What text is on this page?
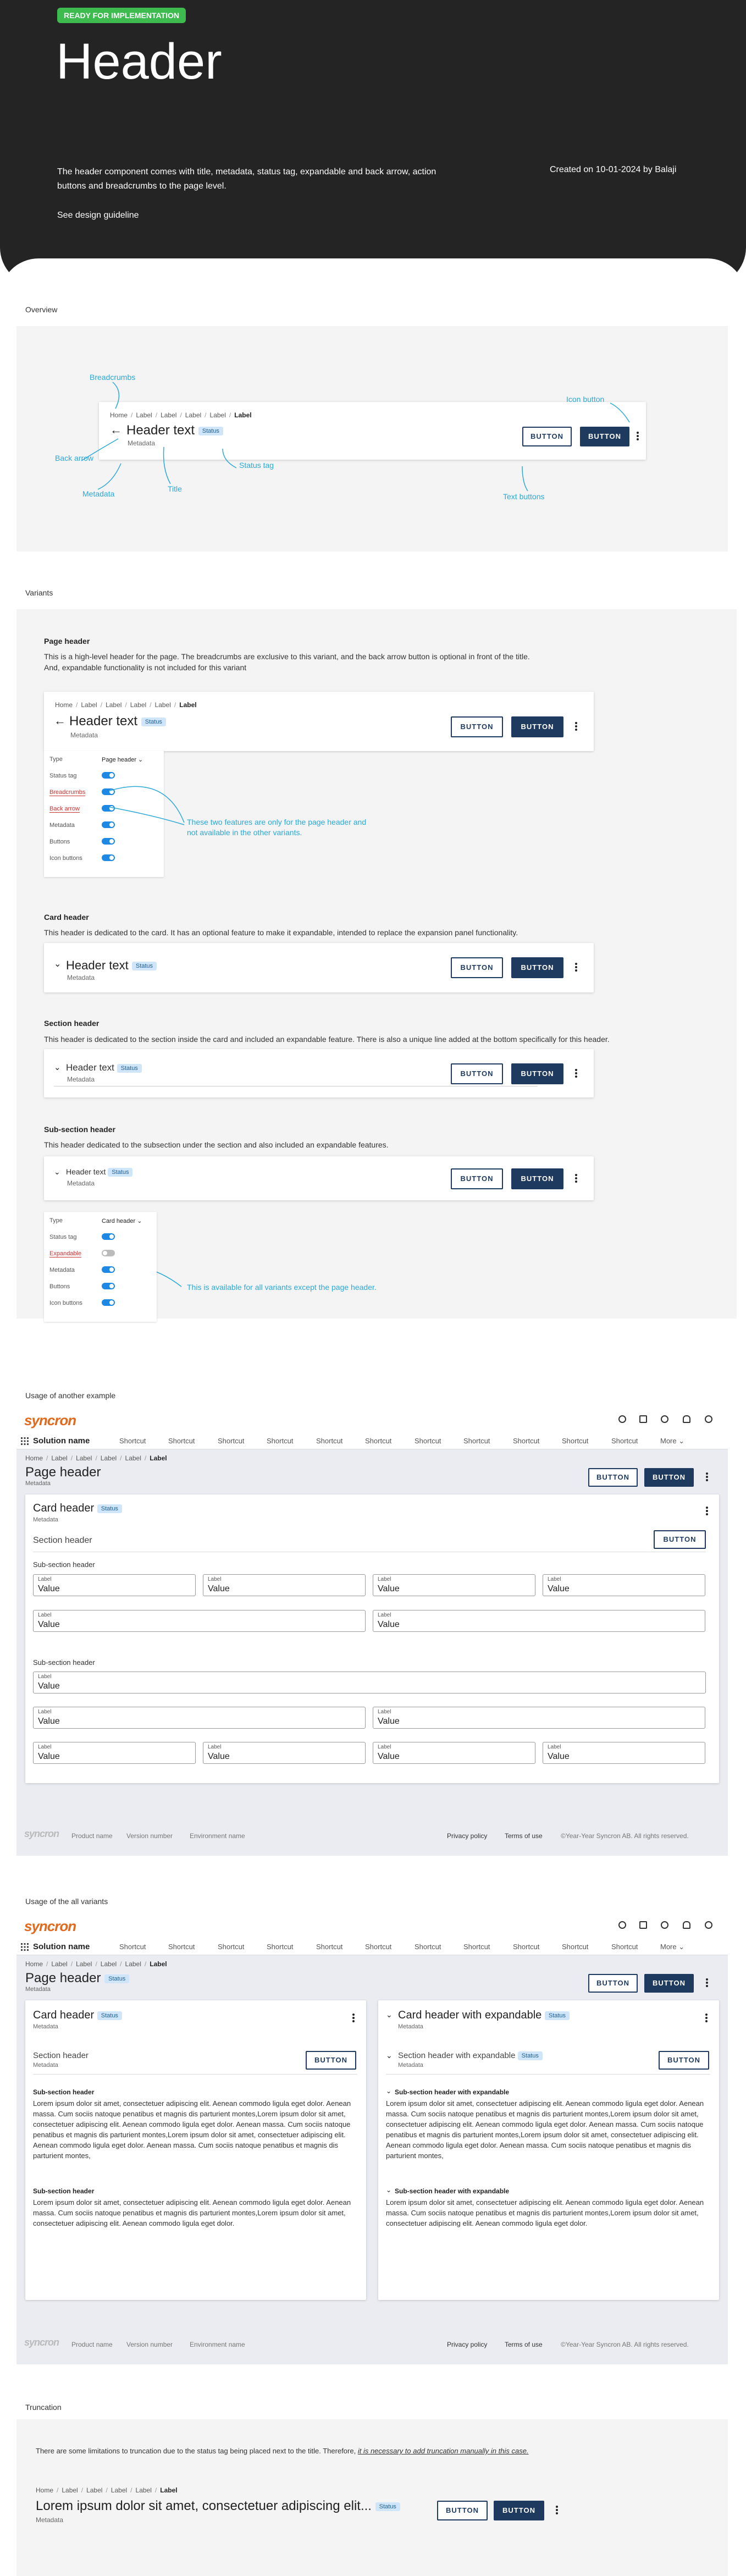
READY FOR IMPLEMENTATION
Header
The header component comes with title, metadata, status tag, expandable and back arrow, action buttons and breadcrumbs to the page level.
Created on 10-01-2024 by Balaji
See design guideline
Overview
Home / Label / Label / Label / Label / Label
← Header text Status
Metadata
BUTTON	BUTTON
Breadcrumbs
Icon button
Back arrow
Status tag
Metadata
Title
Text buttons
Variants
Page header
This is a high-level header for the page. The breadcrumbs are exclusive to this variant, and the back arrow button is optional in front of the title. And, expandable functionality is not included for this variant
Home / Label / Label / Label / Label / Label
← Header text Status
Metadata
BUTTON	BUTTON
Type	Page header ⌄
Status tag
Breadcrumbs
Back arrow
Metadata
Buttons
Icon buttons
These two features are only for the page header and not available in the other variants.
Card header
This header is dedicated to the card. It has an optional feature to make it expandable, intended to replace the expansion panel functionality.
⌄ Header text Status
Metadata
BUTTON	BUTTON
Section header
This header is dedicated to the section inside the card and included an expandable feature. There is also a unique line added at the bottom specifically for this header.
⌄ Header text Status
Metadata
BUTTON	BUTTON
Sub-section header
This header dedicated to the subsection under the section and also included an expandable features.
⌄ Header text Status
Metadata
BUTTON	BUTTON
Type	Card header ⌄
Status tag
Expandable
Metadata
Buttons
Icon buttons
This is available for all variants except the page header.
Usage of another example
syncron
Solution name	Shortcut	Shortcut	Shortcut	Shortcut	Shortcut	Shortcut	Shortcut	Shortcut	Shortcut	Shortcut	Shortcut	More ⌄
Home / Label / Label / Label / Label / Label
Page header
Metadata
BUTTON	BUTTON
Card header Status
Metadata
Section header	BUTTON
Sub-section header
Label
Value
Label
Value
Label
Value
Label
Value
Label
Value
Label
Value
Sub-section header
Label
Value
Label
Value
Label
Value
Label
Value
Label
Value
Label
Value
Label
Value
syncron Product name Version number	Environment name	Privacy policy	Terms of use	©Year-Year Syncron AB. All rights reserved.
Usage of the all variants
syncron
Solution name	Shortcut	Shortcut	Shortcut	Shortcut	Shortcut	Shortcut	Shortcut	Shortcut	Shortcut	Shortcut	Shortcut	More ⌄
Home / Label / Label / Label / Label / Label
Page header Status
Metadata
BUTTON	BUTTON
Card header Status
Metadata
Section header
Metadata
BUTTON
Sub-section header
Lorem ipsum dolor sit amet, consectetuer adipiscing elit. Aenean commodo ligula eget dolor. Aenean massa. Cum sociis natoque penatibus et magnis dis parturient montes,Lorem ipsum dolor sit amet, consectetuer adipiscing elit. Aenean commodo ligula eget dolor. Aenean massa. Cum sociis natoque penatibus et magnis dis parturient montes,Lorem ipsum dolor sit amet, consectetuer adipiscing elit. Aenean commodo ligula eget dolor. Aenean massa. Cum sociis natoque penatibus et magnis dis parturient montes,
Sub-section header
Lorem ipsum dolor sit amet, consectetuer adipiscing elit. Aenean commodo ligula eget dolor. Aenean massa. Cum sociis natoque penatibus et magnis dis parturient montes,Lorem ipsum dolor sit amet, consectetuer adipiscing elit. Aenean commodo ligula eget dolor.
⌄ Card header with expandable Status
Metadata
⌄ Section header with expandable Status
Metadata
BUTTON
⌄ Sub-section header with expandable
Lorem ipsum dolor sit amet, consectetuer adipiscing elit. Aenean commodo ligula eget dolor. Aenean massa. Cum sociis natoque penatibus et magnis dis parturient montes,Lorem ipsum dolor sit amet, consectetuer adipiscing elit. Aenean commodo ligula eget dolor. Aenean massa. Cum sociis natoque penatibus et magnis dis parturient montes,Lorem ipsum dolor sit amet, consectetuer adipiscing elit. Aenean commodo ligula eget dolor. Aenean massa. Cum sociis natoque penatibus et magnis dis parturient montes,
⌄ Sub-section header with expandable
Lorem ipsum dolor sit amet, consectetuer adipiscing elit. Aenean commodo ligula eget dolor. Aenean massa. Cum sociis natoque penatibus et magnis dis parturient montes,Lorem ipsum dolor sit amet, consectetuer adipiscing elit. Aenean commodo ligula eget dolor.
syncron Product name Version number	Environment name	Privacy policy	Terms of use	©Year-Year Syncron AB. All rights reserved.
Truncation
There are some limitations to truncation due to the status tag being placed next to the title. Therefore, it is necessary to add truncation manually in this case.
Home / Label / Label / Label / Label / Label
Lorem ipsum dolor sit amet, consectetuer adipiscing elit... Status
Metadata
BUTTON	BUTTON
